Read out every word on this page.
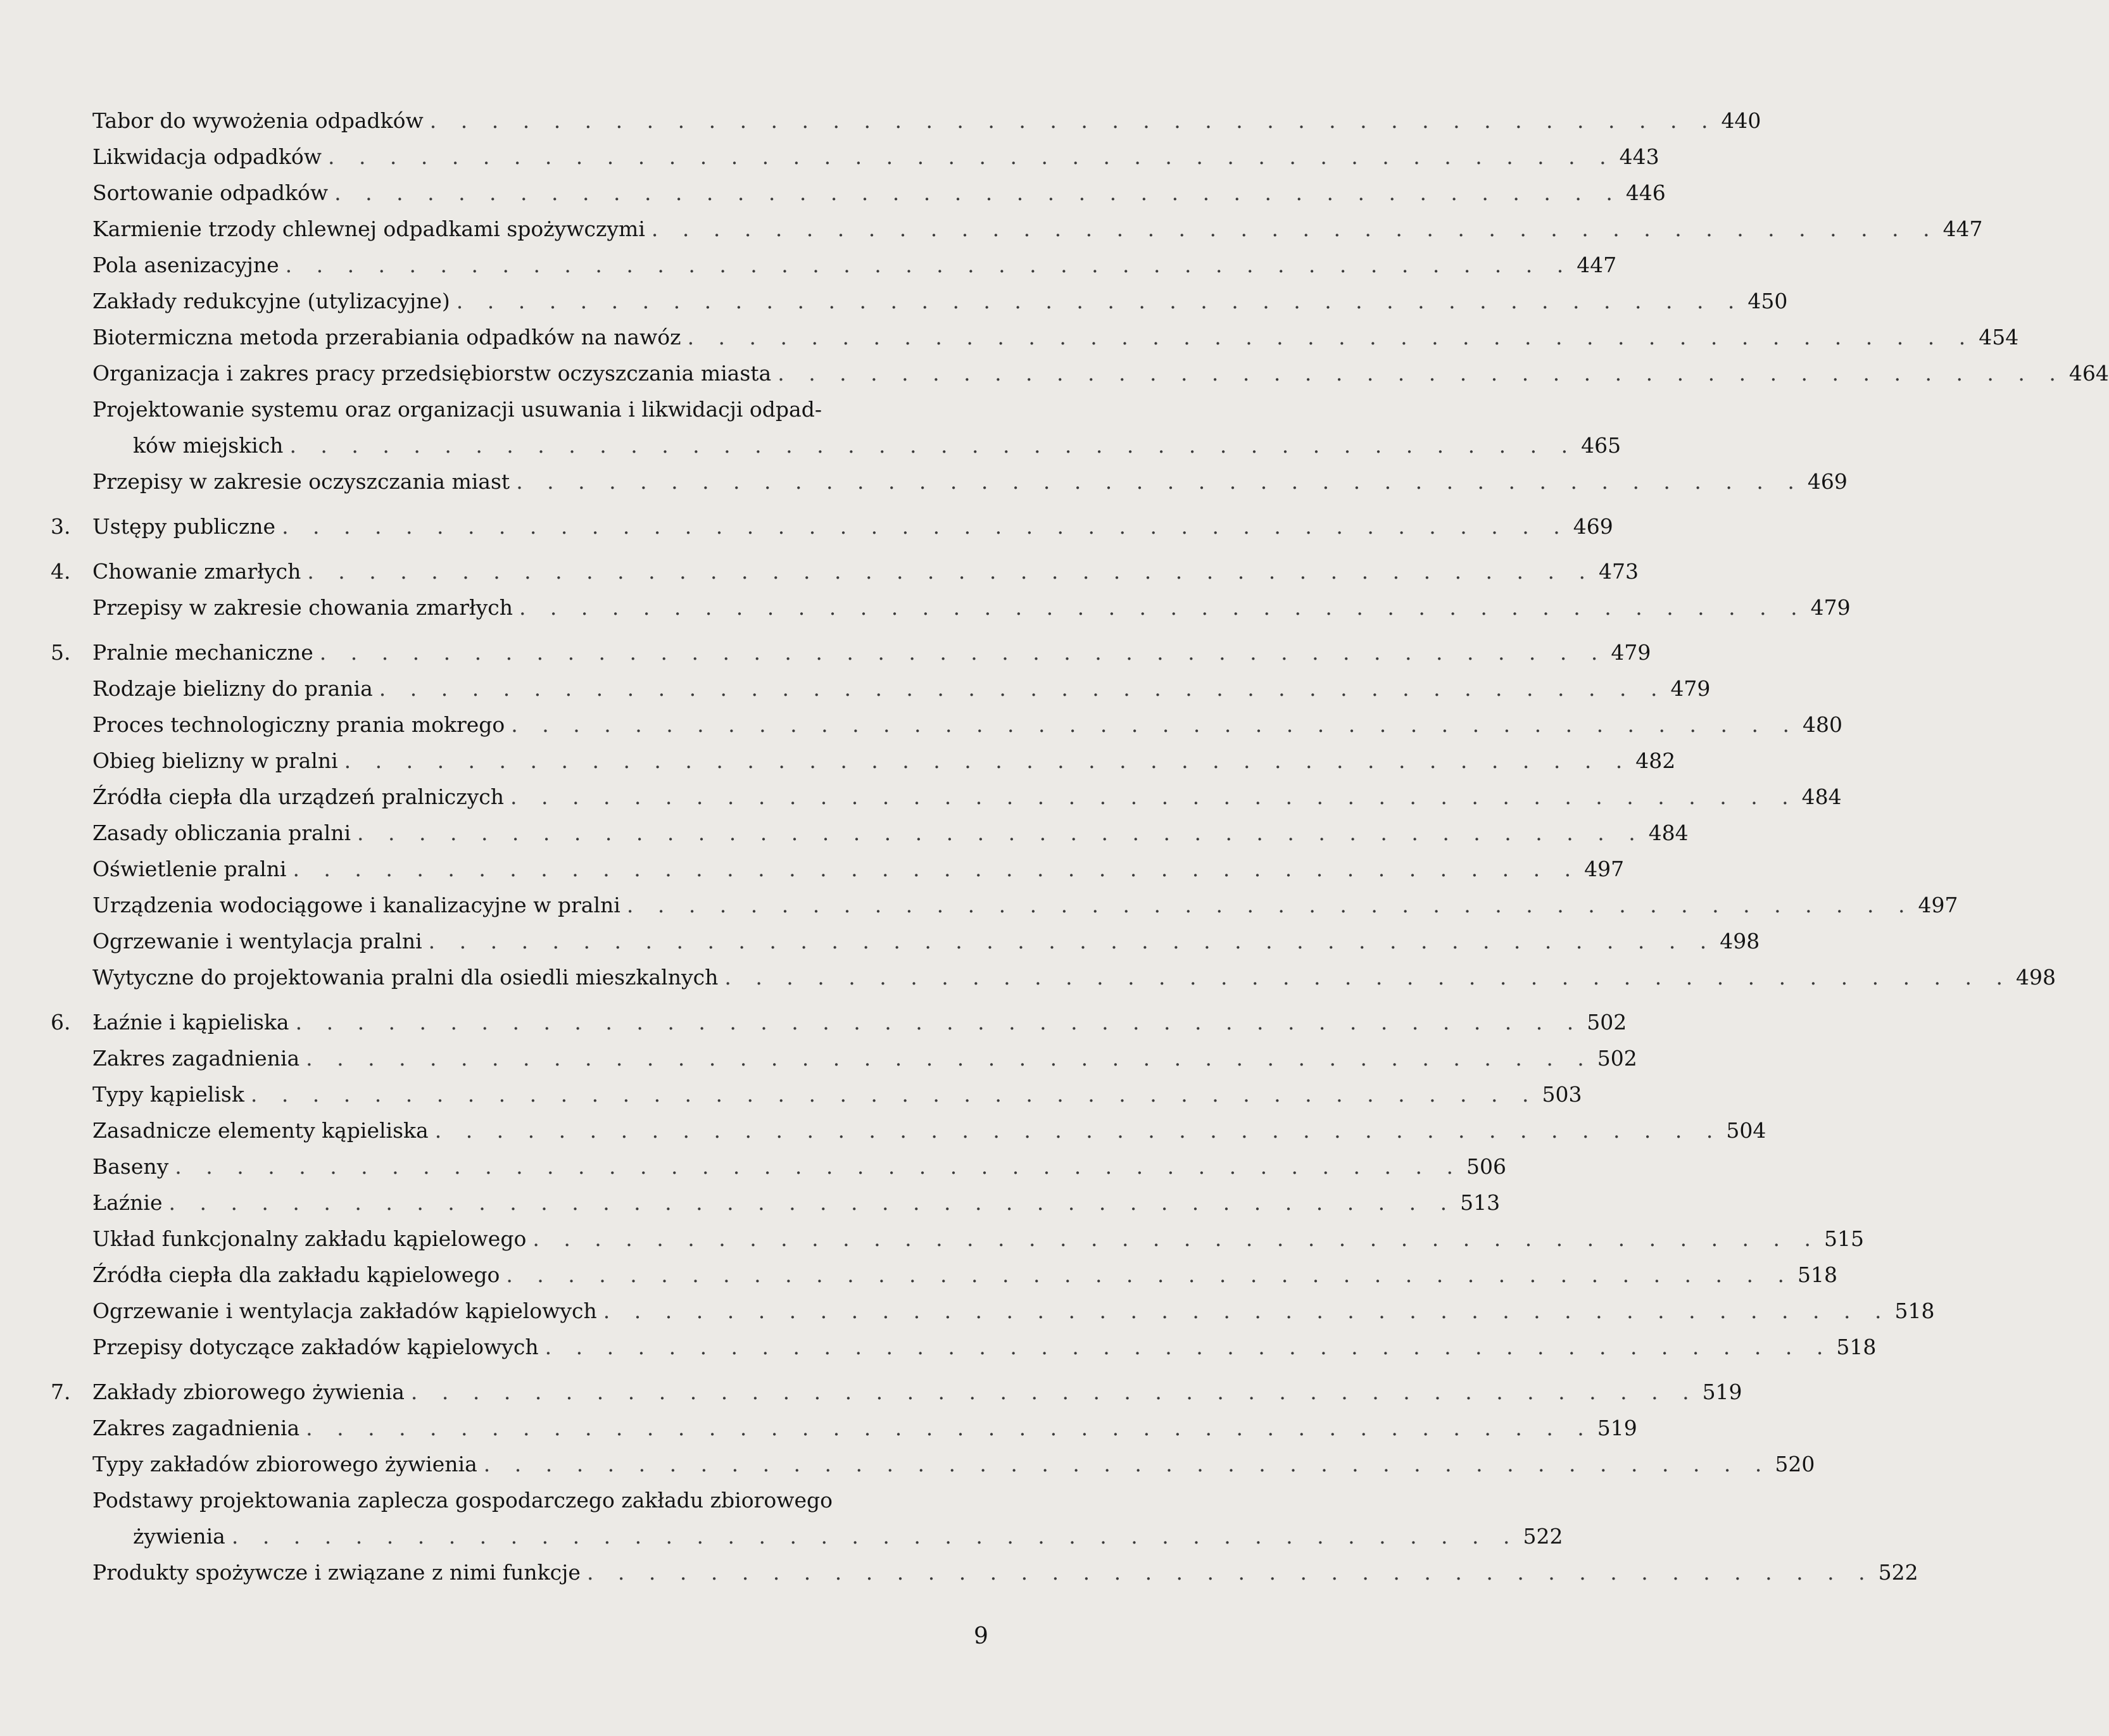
Tabor do wywożenia odpadków . . . . . . . . . . . . . . . . . . . . . . . . . . . . . . . . . . . . . . . . . . 440
Likwidacja odpadków . . . . . . . . . . . . . . . . . . . . . . . . . . . . . . . . . . . . . . . . . . 443
Sortowanie odpadków . . . . . . . . . . . . . . . . . . . . . . . . . . . . . . . . . . . . . . . . . . 446
Karmienie trzody chlewnej odpadkami spożywczymi . . . . . . . . . . . . . . . . . . . . . . . . . . . . . . . . . . . . . . . . . . 447
Pola asenizacyjne . . . . . . . . . . . . . . . . . . . . . . . . . . . . . . . . . . . . . . . . . . 447
Zakłady redukcyjne (utylizacyjne) . . . . . . . . . . . . . . . . . . . . . . . . . . . . . . . . . . . . . . . . . . 450
Biotermiczna metoda przerabiania odpadków na nawóz . . . . . . . . . . . . . . . . . . . . . . . . . . . . . . . . . . . . . . . . . . 454
Organizacja i zakres pracy przedsiębiorstw oczyszczania miasta . . . . . . . . . . . . . . . . . . . . . . . . . . . . . . . . . . . . . . . . . . 464
Projektowanie systemu oraz organizacji usuwania i likwidacji odpad-
ków miejskich . . . . . . . . . . . . . . . . . . . . . . . . . . . . . . . . . . . . . . . . . . 465
Przepisy w zakresie oczyszczania miast . . . . . . . . . . . . . . . . . . . . . . . . . . . . . . . . . . . . . . . . . . 469
3. Ustępy publiczne . . . . . . . . . . . . . . . . . . . . . . . . . . . . . . . . . . . . . . . . . . 469
4. Chowanie zmarłych . . . . . . . . . . . . . . . . . . . . . . . . . . . . . . . . . . . . . . . . . . 473
Przepisy w zakresie chowania zmarłych . . . . . . . . . . . . . . . . . . . . . . . . . . . . . . . . . . . . . . . . . . 479
5. Pralnie mechaniczne . . . . . . . . . . . . . . . . . . . . . . . . . . . . . . . . . . . . . . . . . . 479
Rodzaje bielizny do prania . . . . . . . . . . . . . . . . . . . . . . . . . . . . . . . . . . . . . . . . . . 479
Proces technologiczny prania mokrego . . . . . . . . . . . . . . . . . . . . . . . . . . . . . . . . . . . . . . . . . . 480
Obieg bielizny w pralni . . . . . . . . . . . . . . . . . . . . . . . . . . . . . . . . . . . . . . . . . . 482
Źródła ciepła dla urządzeń pralniczych . . . . . . . . . . . . . . . . . . . . . . . . . . . . . . . . . . . . . . . . . . 484
Zasady obliczania pralni . . . . . . . . . . . . . . . . . . . . . . . . . . . . . . . . . . . . . . . . . . 484
Oświetlenie pralni . . . . . . . . . . . . . . . . . . . . . . . . . . . . . . . . . . . . . . . . . . 497
Urządzenia wodociągowe i kanalizacyjne w pralni . . . . . . . . . . . . . . . . . . . . . . . . . . . . . . . . . . . . . . . . . . 497
Ogrzewanie i wentylacja pralni . . . . . . . . . . . . . . . . . . . . . . . . . . . . . . . . . . . . . . . . . . 498
Wytyczne do projektowania pralni dla osiedli mieszkalnych . . . . . . . . . . . . . . . . . . . . . . . . . . . . . . . . . . . . . . . . . . 498
6. Łaźnie i kąpieliska . . . . . . . . . . . . . . . . . . . . . . . . . . . . . . . . . . . . . . . . . . 502
Zakres zagadnienia . . . . . . . . . . . . . . . . . . . . . . . . . . . . . . . . . . . . . . . . . . 502
Typy kąpielisk . . . . . . . . . . . . . . . . . . . . . . . . . . . . . . . . . . . . . . . . . . 503
Zasadnicze elementy kąpieliska . . . . . . . . . . . . . . . . . . . . . . . . . . . . . . . . . . . . . . . . . . 504
Baseny . . . . . . . . . . . . . . . . . . . . . . . . . . . . . . . . . . . . . . . . . . 506
Łaźnie . . . . . . . . . . . . . . . . . . . . . . . . . . . . . . . . . . . . . . . . . . 513
Układ funkcjonalny zakładu kąpielowego . . . . . . . . . . . . . . . . . . . . . . . . . . . . . . . . . . . . . . . . . . 515
Źródła ciepła dla zakładu kąpielowego . . . . . . . . . . . . . . . . . . . . . . . . . . . . . . . . . . . . . . . . . . 518
Ogrzewanie i wentylacja zakładów kąpielowych . . . . . . . . . . . . . . . . . . . . . . . . . . . . . . . . . . . . . . . . . . 518
Przepisy dotyczące zakładów kąpielowych . . . . . . . . . . . . . . . . . . . . . . . . . . . . . . . . . . . . . . . . . . 518
7. Zakłady zbiorowego żywienia . . . . . . . . . . . . . . . . . . . . . . . . . . . . . . . . . . . . . . . . . . 519
Zakres zagadnienia . . . . . . . . . . . . . . . . . . . . . . . . . . . . . . . . . . . . . . . . . . 519
Typy zakładów zbiorowego żywienia . . . . . . . . . . . . . . . . . . . . . . . . . . . . . . . . . . . . . . . . . . 520
Podstawy projektowania zaplecza gospodarczego zakładu zbiorowego
żywienia . . . . . . . . . . . . . . . . . . . . . . . . . . . . . . . . . . . . . . . . . . 522
Produkty spożywcze i związane z nimi funkcje . . . . . . . . . . . . . . . . . . . . . . . . . . . . . . . . . . . . . . . . . . 522
9
